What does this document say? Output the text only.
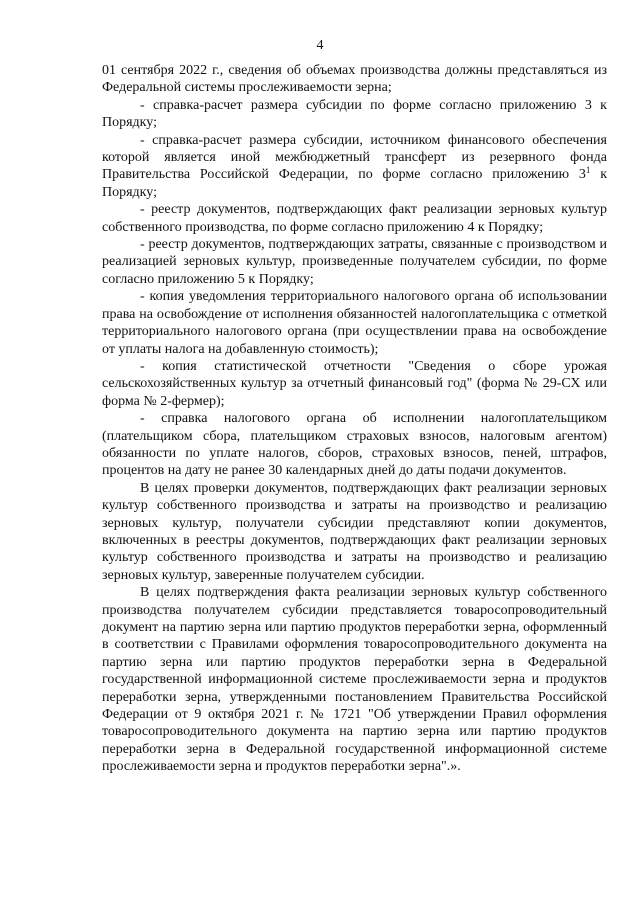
4

01 сентября 2022 г., сведения об объемах производства должны представляться из Федеральной системы прослеживаемости зерна;

- справка-расчет размера субсидии по форме согласно приложению 3 к Порядку;

- справка-расчет размера субсидии, источником финансового обеспечения которой является иной межбюджетный трансферт из резервного фонда Правительства Российской Федерации, по форме согласно приложению $3^1$ к Порядку;

- реестр документов, подтверждающих факт реализации зерновых культур собственного производства, по форме согласно приложению 4 к Порядку;

- реестр документов, подтверждающих затраты, связанные с производством и реализацией зерновых культур, произведенные получателем субсидии, по форме согласно приложению 5 к Порядку;

- копия уведомления территориального налогового органа об использовании права на освобождение от исполнения обязанностей налогоплательщика с отметкой территориального налогового органа (при осуществлении права на освобождение от уплаты налога на добавленную стоимость);

- копия статистической отчетности "Сведения о сборе урожая сельскохозяйственных культур за отчетный финансовый год" (форма № 29-СХ или форма № 2-фермер);

- справка налогового органа об исполнении налогоплательщиком (плательщиком сбора, плательщиком страховых взносов, налоговым агентом) обязанности по уплате налогов, сборов, страховых взносов, пеней, штрафов, процентов на дату не ранее 30 календарных дней до даты подачи документов.

В целях проверки документов, подтверждающих факт реализации зерновых культур собственного производства и затраты на производство и реализацию зерновых культур, получатели субсидии представляют копии документов, включенных в реестры документов, подтверждающих факт реализации зерновых культур собственного производства и затраты на производство и реализацию зерновых культур, заверенные получателем субсидии.

В целях подтверждения факта реализации зерновых культур собственного производства получателем субсидии представляется товаросопроводительный документ на партию зерна или партию продуктов переработки зерна, оформленный в соответствии с Правилами оформления товаросопроводительного документа на партию зерна или партию продуктов переработки зерна в Федеральной государственной информационной системе прослеживаемости зерна и продуктов переработки зерна, утвержденными постановлением Правительства Российской Федерации от 9 октября 2021 г. № 1721 "Об утверждении Правил оформления товаросопроводительного документа на партию зерна или партию продуктов переработки зерна в Федеральной государственной информационной системе прослеживаемости зерна и продуктов переработки зерна".».
